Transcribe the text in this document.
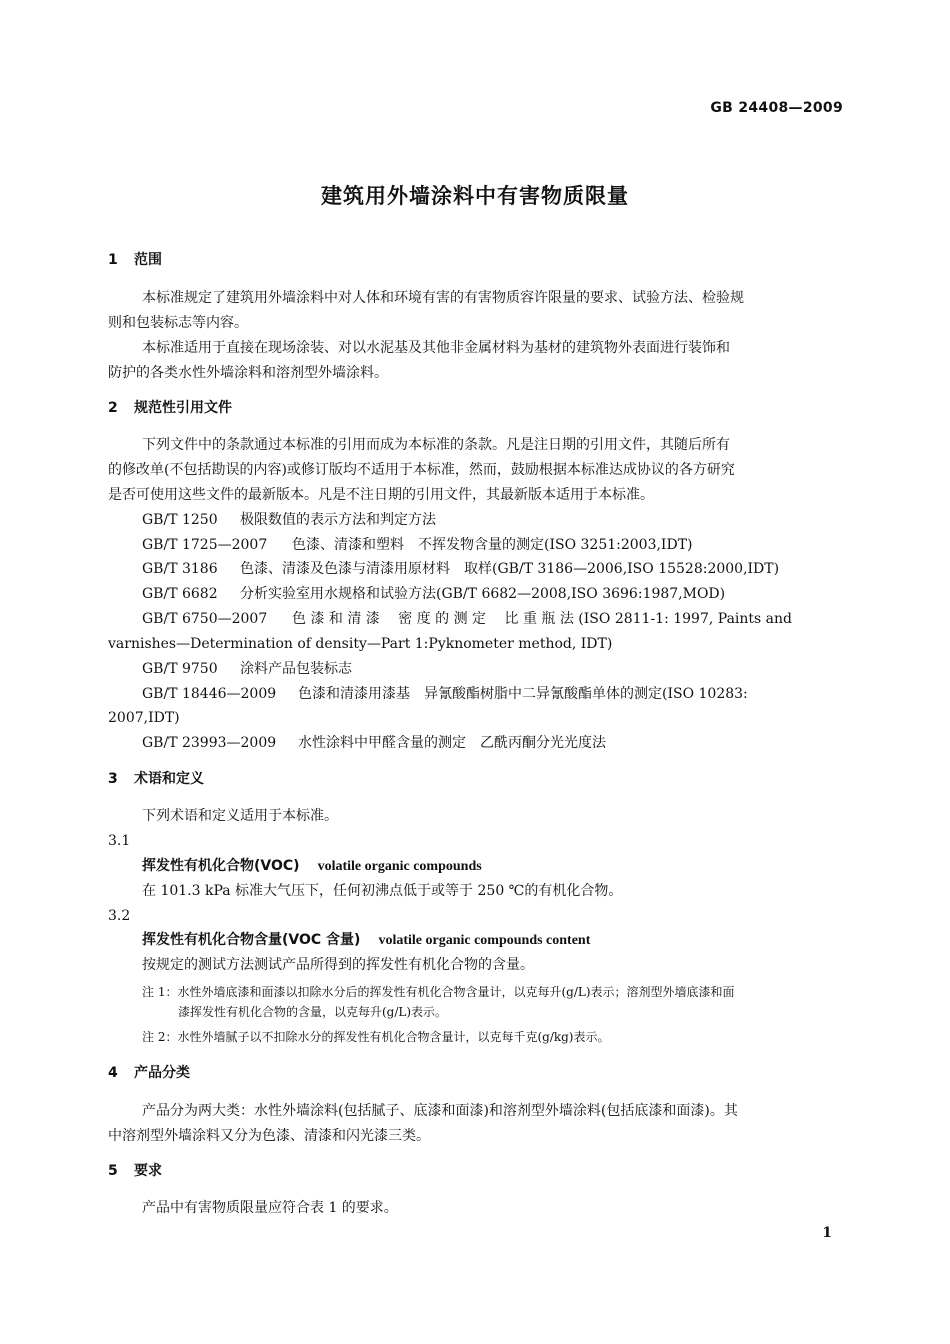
GB 24408—2009
建筑用外墙涂料中有害物质限量
1 范围
本标准规定了建筑用外墙涂料中对人体和环境有害的有害物质容许限量的要求、试验方法、检验规
则和包装标志等内容。
本标准适用于直接在现场涂装、对以水泥基及其他非金属材料为基材的建筑物外表面进行装饰和
防护的各类水性外墙涂料和溶剂型外墙涂料。
2 规范性引用文件
下列文件中的条款通过本标准的引用而成为本标准的条款。凡是注日期的引用文件，其随后所有
的修改单(不包括勘误的内容)或修订版均不适用于本标准，然而，鼓励根据本标准达成协议的各方研究
是否可使用这些文件的最新版本。凡是不注日期的引用文件，其最新版本适用于本标准。
GB/T 1250 极限数值的表示方法和判定方法
GB/T 1725—2007 色漆、清漆和塑料　不挥发物含量的测定(ISO 3251:2003,IDT)
GB/T 3186 色漆、清漆及色漆与清漆用原材料　取样(GB/T 3186—2006,ISO 15528:2000,IDT)
GB/T 6682 分析实验室用水规格和试验方法(GB/T 6682—2008,ISO 3696:1987,MOD)
GB/T 6750—2007 色 漆 和 清 漆　 密 度 的 测 定　 比 重 瓶 法 (ISO 2811-1: 1997, Paints and
varnishes—Determination of density—Part 1:Pyknometer method, IDT)
GB/T 9750 涂料产品包装标志
GB/T 18446—2009 色漆和清漆用漆基　异氰酸酯树脂中二异氰酸酯单体的测定(ISO 10283:
2007,IDT)
GB/T 23993—2009 水性涂料中甲醛含量的测定　乙酰丙酮分光光度法
3 术语和定义
下列术语和定义适用于本标准。
3.1
挥发性有机化合物(VOC) volatile organic compounds
在 101.3 kPa 标准大气压下，任何初沸点低于或等于 250 ℃的有机化合物。
3.2
挥发性有机化合物含量(VOC 含量) volatile organic compounds content
按规定的测试方法测试产品所得到的挥发性有机化合物的含量。
注 1：水性外墙底漆和面漆以扣除水分后的挥发性有机化合物含量计，以克每升(g/L)表示；溶剂型外墙底漆和面
漆挥发性有机化合物的含量，以克每升(g/L)表示。
注 2：水性外墙腻子以不扣除水分的挥发性有机化合物含量计，以克每千克(g/kg)表示。
4 产品分类
产品分为两大类：水性外墙涂料(包括腻子、底漆和面漆)和溶剂型外墙涂料(包括底漆和面漆)。其
中溶剂型外墙涂料又分为色漆、清漆和闪光漆三类。
5 要求
产品中有害物质限量应符合表 1 的要求。
1
